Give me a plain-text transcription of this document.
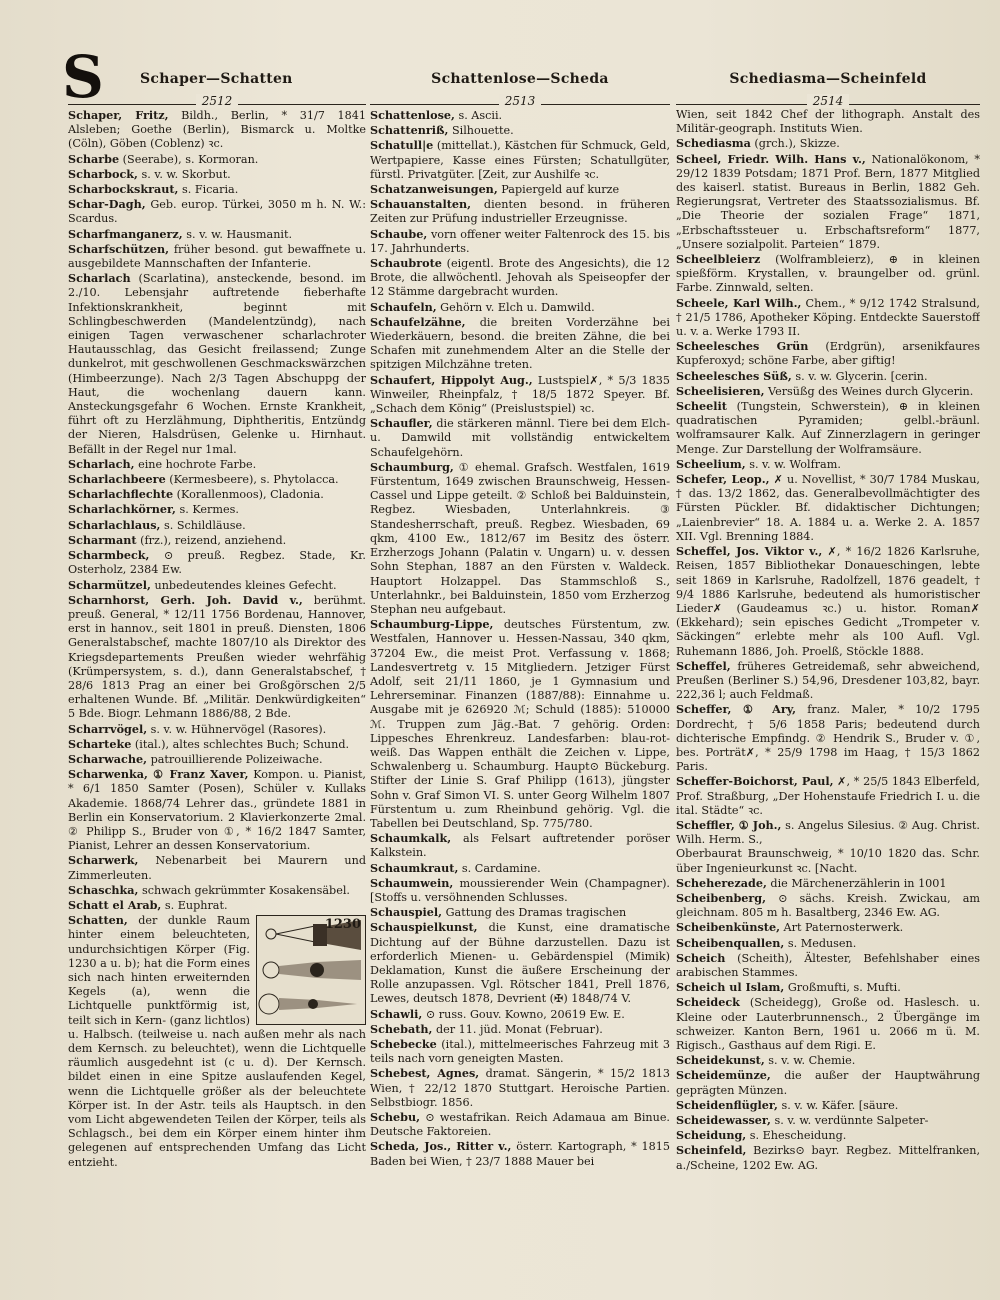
S	Schaper—Schatten
2512

Schaper, Fritz, Bildh., Berlin, * 31/7 1841 Alsleben; Goethe (Berlin), Bismarck u. Moltke (Cöln), Göben (Coblenz) ꝛc.

Scharbe (Seerabe), s. Kormoran.

Scharbock, s. v. w. Skorbut.

Scharbockskraut, s. Ficaria.

Schar-Dagh, Geb. europ. Türkei, 3050 m h. N. W.: Scardus.

Scharfmanganerz, s. v. w. Hausmanit.

Scharfschützen, früher besond. gut bewaffnete u. ausgebildete Mannschaften der Infanterie.

Scharlach (Scarlatina), ansteckende, besond. im 2./10. Lebensjahr auftretende fieberhafte Infektionskrankheit, beginnt mit Schlingbeschwerden (Mandelentzündg), nach einigen Tagen verwaschener scharlachroter Hautausschlag, das Gesicht freilassend; Zunge dunkelrot, mit geschwollenen Geschmackswärzchen (Himbeerzunge). Nach 2/3 Tagen Abschuppg der Haut, die wochenlang dauern kann. Ansteckungsgefahr 6 Wochen. Ernste Krankheit, führt oft zu Herzlähmung, Diphtheritis, Entzündg der Nieren, Halsdrüsen, Gelenke u. Hirnhaut. Befällt in der Regel nur 1mal.

Scharlach, eine hochrote Farbe.

Scharlachbeere (Kermesbeere), s. Phytolacca.

Scharlachflechte (Korallenmoos), Cladonia.

Scharlachkörner, s. Kermes.

Scharlachlaus, s. Schildläuse.

Scharmant (frz.), reizend, anziehend.

Scharmbeck, ⊙ preuß. Regbez. Stade, Kr. Osterholz, 2384 Ew.

Scharmützel, unbedeutendes kleines Gefecht.

Scharnhorst, Gerh. Joh. David v., berühmt. preuß. General, * 12/11 1756 Bordenau, Hannover, erst in hannov., seit 1801 in preuß. Diensten, 1806 Generalstabschef, machte 1807/10 als Direktor des Kriegsdepartements Preußen wieder wehrfähig (Krümpersystem, s. d.), dann Generalstabschef, † 28/6 1813 Prag an einer bei Großgörschen 2/5 erhaltenen Wunde. Bf. „Militär. Denkwürdigkeiten“ 5 Bde. Biogr. Lehmann 1886/88, 2 Bde.

Scharrvögel, s. v. w. Hühnervögel (Rasores).

Scharteke (ital.), altes schlechtes Buch; Schund.

Scharwache, patrouillierende Polizeiwache.

Scharwenka, ① Franz Xaver, Kompon. u. Pianist, * 6/1 1850 Samter (Posen), Schüler v. Kullaks Akademie. 1868/74 Lehrer das., gründete 1881 in Berlin ein Konservatorium. 2 Klavierkonzerte 2mal. ② Philipp S., Bruder von ①, * 16/2 1847 Samter, Pianist, Lehrer an dessen Konservatorium.

Scharwerk, Nebenarbeit bei Maurern und Zimmerleuten.

Schaschka, schwach gekrümmter Kosakensäbel.

Schatt el Arab, s. Euphrat.

1230
Schatten, der dunkle Raum hinter einem beleuchteten, undurchsichtigen Körper (Fig. 1230 a u. b); hat die Form eines sich nach hinten erweiternden Kegels (a), wenn die Lichtquelle punktförmig ist, teilt sich in Kern- (ganz lichtlos) u. Halbsch. (teilweise u. nach außen mehr als nach dem Kernsch. zu beleuchtet), wenn die Lichtquelle räumlich ausgedehnt ist (c u. d). Der Kernsch. bildet einen in eine Spitze auslaufenden Kegel, wenn die Lichtquelle größer als der beleuchtete Körper ist. In der Astr. teils als Hauptsch. in den vom Licht abgewendeten Teilen der Körper, teils als Schlagsch., bei dem ein Körper einem hinter ihm gelegenen auf entsprechenden Umfang das Licht entzieht.

Schattenlose—Scheda
2513

Schattenlose, s. Ascii.

Schattenriß, Silhouette.

Schatull|e (mittellat.), Kästchen für Schmuck, Geld, Wertpapiere, Kasse eines Fürsten; Schatullgüter, fürstl. Privatgüter. [Zeit, zur Aushilfe ꝛc.

Schatzanweisungen, Papiergeld auf kurze

Schauanstalten, dienten besond. in früheren Zeiten zur Prüfung industrieller Erzeugnisse.

Schaube, vorn offener weiter Faltenrock des 15. bis 17. Jahrhunderts.

Schaubrote (eigentl. Brote des Angesichts), die 12 Brote, die allwöchentl. Jehovah als Speiseopfer der 12 Stämme dargebracht wurden.

Schaufeln, Gehörn v. Elch u. Damwild.

Schaufelzähne, die breiten Vorderzähne bei Wiederkäuern, besond. die breiten Zähne, die bei Schafen mit zunehmendem Alter an die Stelle der spitzigen Milchzähne treten.

Schaufert, Hippolyt Aug., Lustspiel✗, * 5/3 1835 Winweiler, Rheinpfalz, † 18/5 1872 Speyer. Bf. „Schach dem König“ (Preislustspiel) ꝛc.

Schaufler, die stärkeren männl. Tiere bei dem Elch- u. Damwild mit vollständig entwickeltem Schaufelgehörn.

Schaumburg, ① ehemal. Grafsch. Westfalen, 1619 Fürstentum, 1649 zwischen Braunschweig, Hessen-Cassel und Lippe geteilt. ② Schloß bei Balduinstein, Regbez. Wiesbaden, Unterlahnkreis. ③ Standesherrschaft, preuß. Regbez. Wiesbaden, 69 qkm, 4100 Ew., 1812/67 im Besitz des österr. Erzherzogs Johann (Palatin v. Ungarn) u. v. dessen Sohn Stephan, 1887 an den Fürsten v. Waldeck. Hauptort Holzappel. Das Stammschloß S., Unterlahnkr., bei Balduinstein, 1850 vom Erzherzog Stephan neu aufgebaut.

Schaumburg-Lippe, deutsches Fürstentum, zw. Westfalen, Hannover u. Hessen-Nassau, 340 qkm, 37204 Ew., die meist Prot. Verfassung v. 1868; Landesvertretg v. 15 Mitgliedern. Jetziger Fürst Adolf, seit 21/11 1860, je 1 Gymnasium und Lehrerseminar. Finanzen (1887/88): Einnahme u. Ausgabe mit je 626920 ℳ; Schuld (1885): 510000 ℳ. Truppen zum Jäg.-Bat. 7 gehörig. Orden: Lippesches Ehrenkreuz. Landesfarben: blau-rot-weiß. Das Wappen enthält die Zeichen v. Lippe, Schwalenberg u. Schaumburg. Haupt⊙ Bückeburg. Stifter der Linie S. Graf Philipp (1613), jüngster Sohn v. Graf Simon VI. S. unter Georg Wilhelm 1807 Fürstentum u. zum Rheinbund gehörig. Vgl. die Tabellen bei Deutschland, Sp. 775/780.

Schaumkalk, als Felsart auftretender poröser Kalkstein.

Schaumkraut, s. Cardamine.

Schaumwein, moussierender Wein (Champagner). [Stoffs u. versöhnenden Schlusses.

Schauspiel, Gattung des Dramas tragischen

Schauspielkunst, die Kunst, eine dramatische Dichtung auf der Bühne darzustellen. Dazu ist erforderlich Mienen- u. Gebärdenspiel (Mimik) Deklamation, Kunst die äußere Erscheinung der Rolle anzupassen. Vgl. Rötscher 1841, Prell 1876, Lewes, deutsch 1878, Devrient (✠) 1848/74 V.

Schawli, ⊙ russ. Gouv. Kowno, 20619 Ew. E.

Schebath, der 11. jüd. Monat (Februar).

Schebecke (ital.), mittelmeerisches Fahrzeug mit 3 teils nach vorn geneigten Masten.

Schebest, Agnes, dramat. Sängerin, * 15/2 1813 Wien, † 22/12 1870 Stuttgart. Heroische Partien. Selbstbiogr. 1856.

Schebu, ⊙ westafrikan. Reich Adamaua am Binue. Deutsche Faktoreien.

Scheda, Jos., Ritter v., österr. Kartograph, * 1815 Baden bei Wien, † 23/7 1888 Mauer bei

Schediasma—Scheinfeld
2514

Wien, seit 1842 Chef der lithograph. Anstalt des Militär-geograph. Instituts Wien.

Schediasma (grch.), Skizze.

Scheel, Friedr. Wilh. Hans v., Nationalökonom, * 29/12 1839 Potsdam; 1871 Prof. Bern, 1877 Mitglied des kaiserl. statist. Bureaus in Berlin, 1882 Geh. Regierungsrat, Vertreter des Staatssozialismus. Bf. „Die Theorie der sozialen Frage“ 1871, „Erbschaftssteuer u. Erbschaftsreform“ 1877, „Unsere sozialpolit. Parteien“ 1879.

Scheelbleierz (Wolframbleierz), ⊕ in kleinen spießförm. Krystallen, v. braungelber od. grünl. Farbe. Zinnwald, selten.

Scheele, Karl Wilh., Chem., * 9/12 1742 Stralsund, † 21/5 1786, Apotheker Köping. Entdeckte Sauerstoff u. v. a. Werke 1793 II.

Scheelesches Grün (Erdgrün), arsenikfaures Kupferoxyd; schöne Farbe, aber giftig!

Scheelesches Süß, s. v. w. Glycerin. [cerin.

Scheelisieren, Versüßg des Weines durch Glycerin.

Scheelit (Tungstein, Schwerstein), ⊕ in kleinen quadratischen Pyramiden; gelbl.-bräunl. wolframsaurer Kalk. Auf Zinnerzlagern in geringer Menge. Zur Darstellung der Wolframsäure.

Scheelium, s. v. w. Wolfram.

Schefer, Leop., ✗ u. Novellist, * 30/7 1784 Muskau, † das. 13/2 1862, das. Generalbevollmächtigter des Fürsten Pückler. Bf. didaktischer Dichtungen; „Laienbrevier“ 18. A. 1884 u. a. Werke 2. A. 1857 XII. Vgl. Brenning 1884.

Scheffel, Jos. Viktor v., ✗, * 16/2 1826 Karlsruhe, Reisen, 1857 Bibliothekar Donaueschingen, lebte seit 1869 in Karlsruhe, Radolfzell, 1876 geadelt, † 9/4 1886 Karlsruhe, bedeutend als humoristischer Lieder✗ (Gaudeamus ꝛc.) u. histor. Roman✗ (Ekkehard); sein episches Gedicht „Trompeter v. Säckingen“ erlebte mehr als 100 Aufl. Vgl. Ruhemann 1886, Joh. Proelß, Stöckle 1888.

Scheffel, früheres Getreidemaß, sehr abweichend, Preußen (Berliner S.) 54,96, Dresdener 103,82, bayr. 222,36 l; auch Feldmaß.

Scheffer, ① Ary, franz. Maler, * 10/2 1795 Dordrecht, † 5/6 1858 Paris; bedeutend durch dichterische Empfindg. ② Hendrik S., Bruder v. ①, bes. Porträt✗, * 25/9 1798 im Haag, † 15/3 1862 Paris.

Scheffer-Boichorst, Paul, ✗, * 25/5 1843 Elberfeld, Prof. Straßburg, „Der Hohenstaufe Friedrich I. u. die ital. Städte“ ꝛc.

Scheffler, ① Joh., s. Angelus Silesius. ② Aug. Christ. Wilh. Herm. S.,

Oberbaurat Braunschweig, * 10/10 1820 das. Schr. über Ingenieurkunst ꝛc. [Nacht.

Scheherezade, die Märchenerzählerin in 1001

Scheibenberg, ⊙ sächs. Kreish. Zwickau, am gleichnam. 805 m h. Basaltberg, 2346 Ew. AG.

Scheibenkünste, Art Paternosterwerk.

Scheibenquallen, s. Medusen.

Scheich (Scheith), Ältester, Befehlshaber eines arabischen Stammes.

Scheich ul Islam, Großmufti, s. Mufti.

Scheideck (Scheidegg), Große od. Haslesch. u. Kleine oder Lauterbrunnensch., 2 Übergänge im schweizer. Kanton Bern, 1961 u. 2066 m ü. M. Rigisch., Gasthaus auf dem Rigi. E.

Scheidekunst, s. v. w. Chemie.

Scheidemünze, die außer der Hauptwährung geprägten Münzen.

Scheidenflügler, s. v. w. Käfer. [säure.

Scheidewasser, s. v. w. verdünnte Salpeter-

Scheidung, s. Ehescheidung.

Scheinfeld, Bezirks⊙ bayr. Regbez. Mittelfranken, a./Scheine, 1202 Ew. AG.
